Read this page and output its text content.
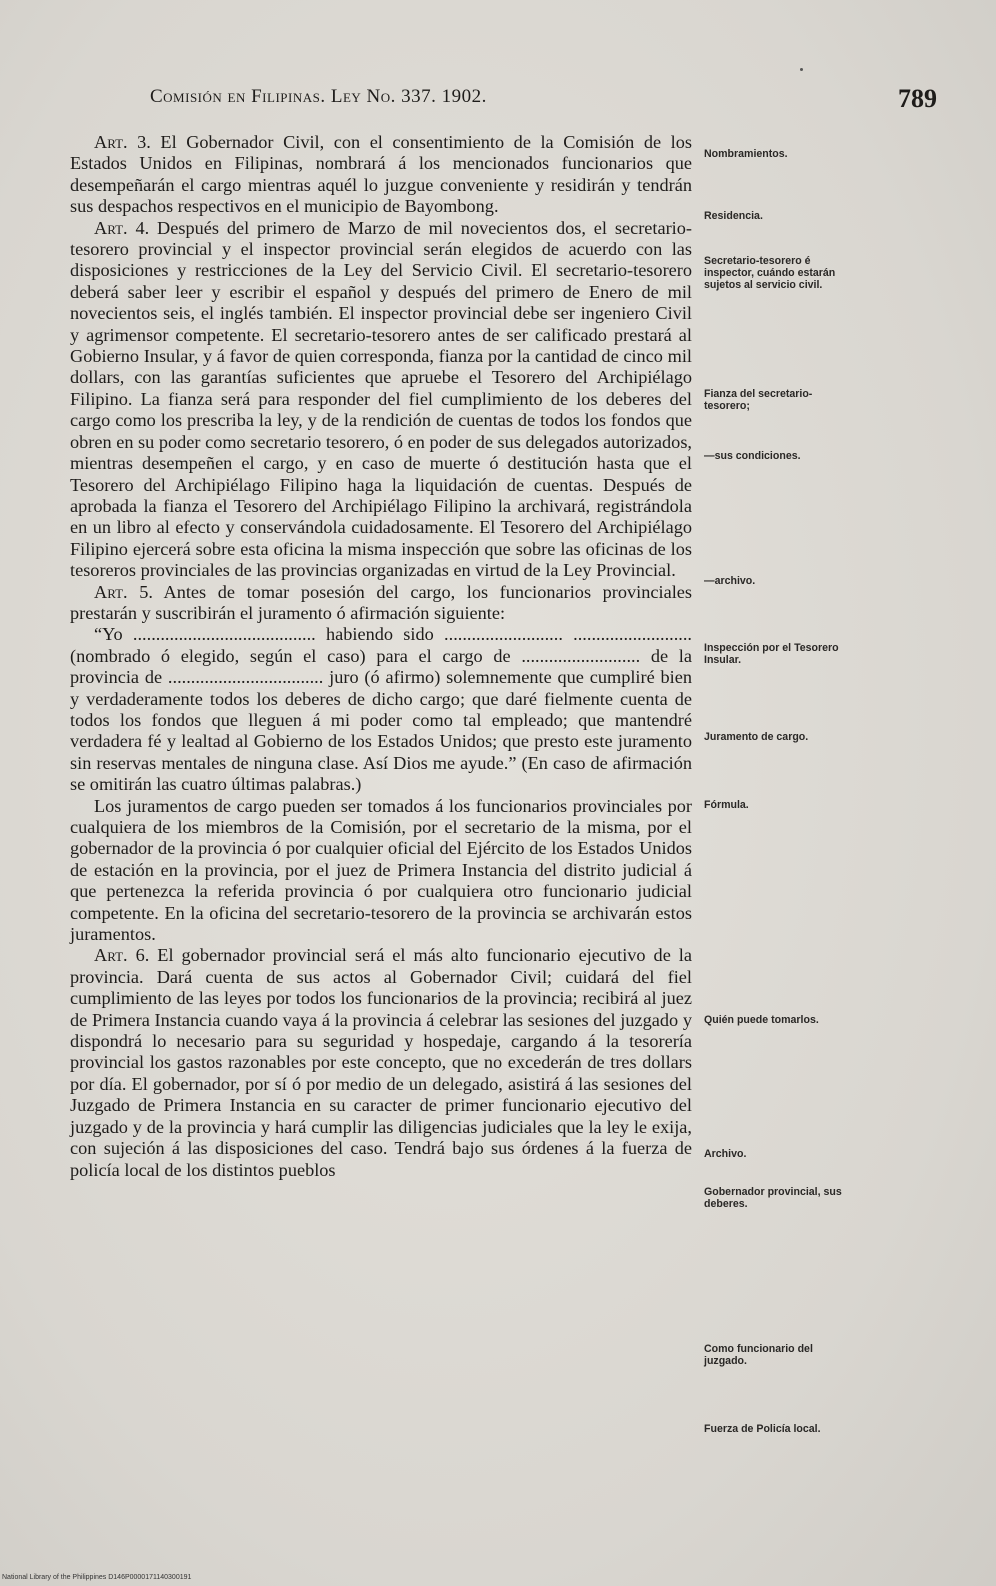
Comisión en Filipinas. Ley No. 337. 1902.	789

Art. 3. El Gobernador Civil, con el consentimiento de la Comisión de los Estados Unidos en Filipinas, nombrará á los mencionados funcionarios que desempeñarán el cargo mientras aquél lo juzgue conveniente y residirán y tendrán sus despachos respectivos en el municipio de Bayombong.

Art. 4. Después del primero de Marzo de mil novecientos dos, el secretario-tesorero provincial y el inspector provincial serán elegidos de acuerdo con las disposiciones y restricciones de la Ley del Servicio Civil. El secretario-tesorero deberá saber leer y escribir el español y después del primero de Enero de mil novecientos seis, el inglés también. El inspector provincial debe ser ingeniero Civil y agrimensor competente. El secretario-tesorero antes de ser calificado prestará al Gobierno Insular, y á favor de quien corresponda, fianza por la cantidad de cinco mil dollars, con las garantías suficientes que apruebe el Tesorero del Archipiélago Filipino. La fianza será para responder del fiel cumplimiento de los deberes del cargo como los prescriba la ley, y de la rendición de cuentas de todos los fondos que obren en su poder como secretario tesorero, ó en poder de sus delegados autorizados, mientras desempeñen el cargo, y en caso de muerte ó destitución hasta que el Tesorero del Archipiélago Filipino haga la liquidación de cuentas. Después de aprobada la fianza el Tesorero del Archipiélago Filipino la archivará, registrándola en un libro al efecto y conservándola cuidadosamente. El Tesorero del Archipiélago Filipino ejercerá sobre esta oficina la misma inspección que sobre las oficinas de los tesoreros provinciales de las provincias organizadas en virtud de la Ley Provincial.

Art. 5. Antes de tomar posesión del cargo, los funcionarios provinciales prestarán y suscribirán el juramento ó afirmación siguiente:

“Yo ........................................ habiendo sido .......................... .......................... (nombrado ó elegido, según el caso) para el cargo de .......................... de la provincia de .................................. juro (ó afirmo) solemnemente que cumpliré bien y verdaderamente todos los deberes de dicho cargo; que daré fielmente cuenta de todos los fondos que lleguen á mi poder como tal empleado; que mantendré verdadera fé y lealtad al Gobierno de los Estados Unidos; que presto este juramento sin reservas mentales de ninguna clase. Así Dios me ayude.” (En caso de afirmación se omitirán las cuatro últimas palabras.)

Los juramentos de cargo pueden ser tomados á los funcionarios provinciales por cualquiera de los miembros de la Comisión, por el secretario de la misma, por el gobernador de la provincia ó por cualquier oficial del Ejército de los Estados Unidos de estación en la provincia, por el juez de Primera Instancia del distrito judicial á que pertenezca la referida provincia ó por cualquiera otro funcionario judicial competente. En la oficina del secretario-tesorero de la provincia se archivarán estos juramentos.

Art. 6. El gobernador provincial será el más alto funcionario ejecutivo de la provincia. Dará cuenta de sus actos al Gobernador Civil; cuidará del fiel cumplimiento de las leyes por todos los funcionarios de la provincia; recibirá al juez de Primera Instancia cuando vaya á la provincia á celebrar las sesiones del juzgado y dispondrá lo necesario para su seguridad y hospedaje, cargando á la tesorería provincial los gastos razonables por este concepto, que no excederán de tres dollars por día. El gobernador, por sí ó por medio de un delegado, asistirá á las sesiones del Juzgado de Primera Instancia en su caracter de primer funcionario ejecutivo del juzgado y de la provincia y hará cumplir las diligencias judiciales que la ley le exija, con sujeción á las disposiciones del caso. Tendrá bajo sus órdenes á la fuerza de policía local de los distintos pueblos

Nombramientos.
Residencia.
Secretario-tesorero é inspector, cuándo estarán sujetos al servicio civil.
Fianza del secretario-tesorero;
—sus condiciones.
—archivo.
Inspección por el Tesorero Insular.
Juramento de cargo.
Fórmula.
Quién puede tomarlos.
Archivo.
Gobernador provincial, sus deberes.
Como funcionario del juzgado.
Fuerza de Policía local.
National Library of the Philippines D146P0000171140300191
